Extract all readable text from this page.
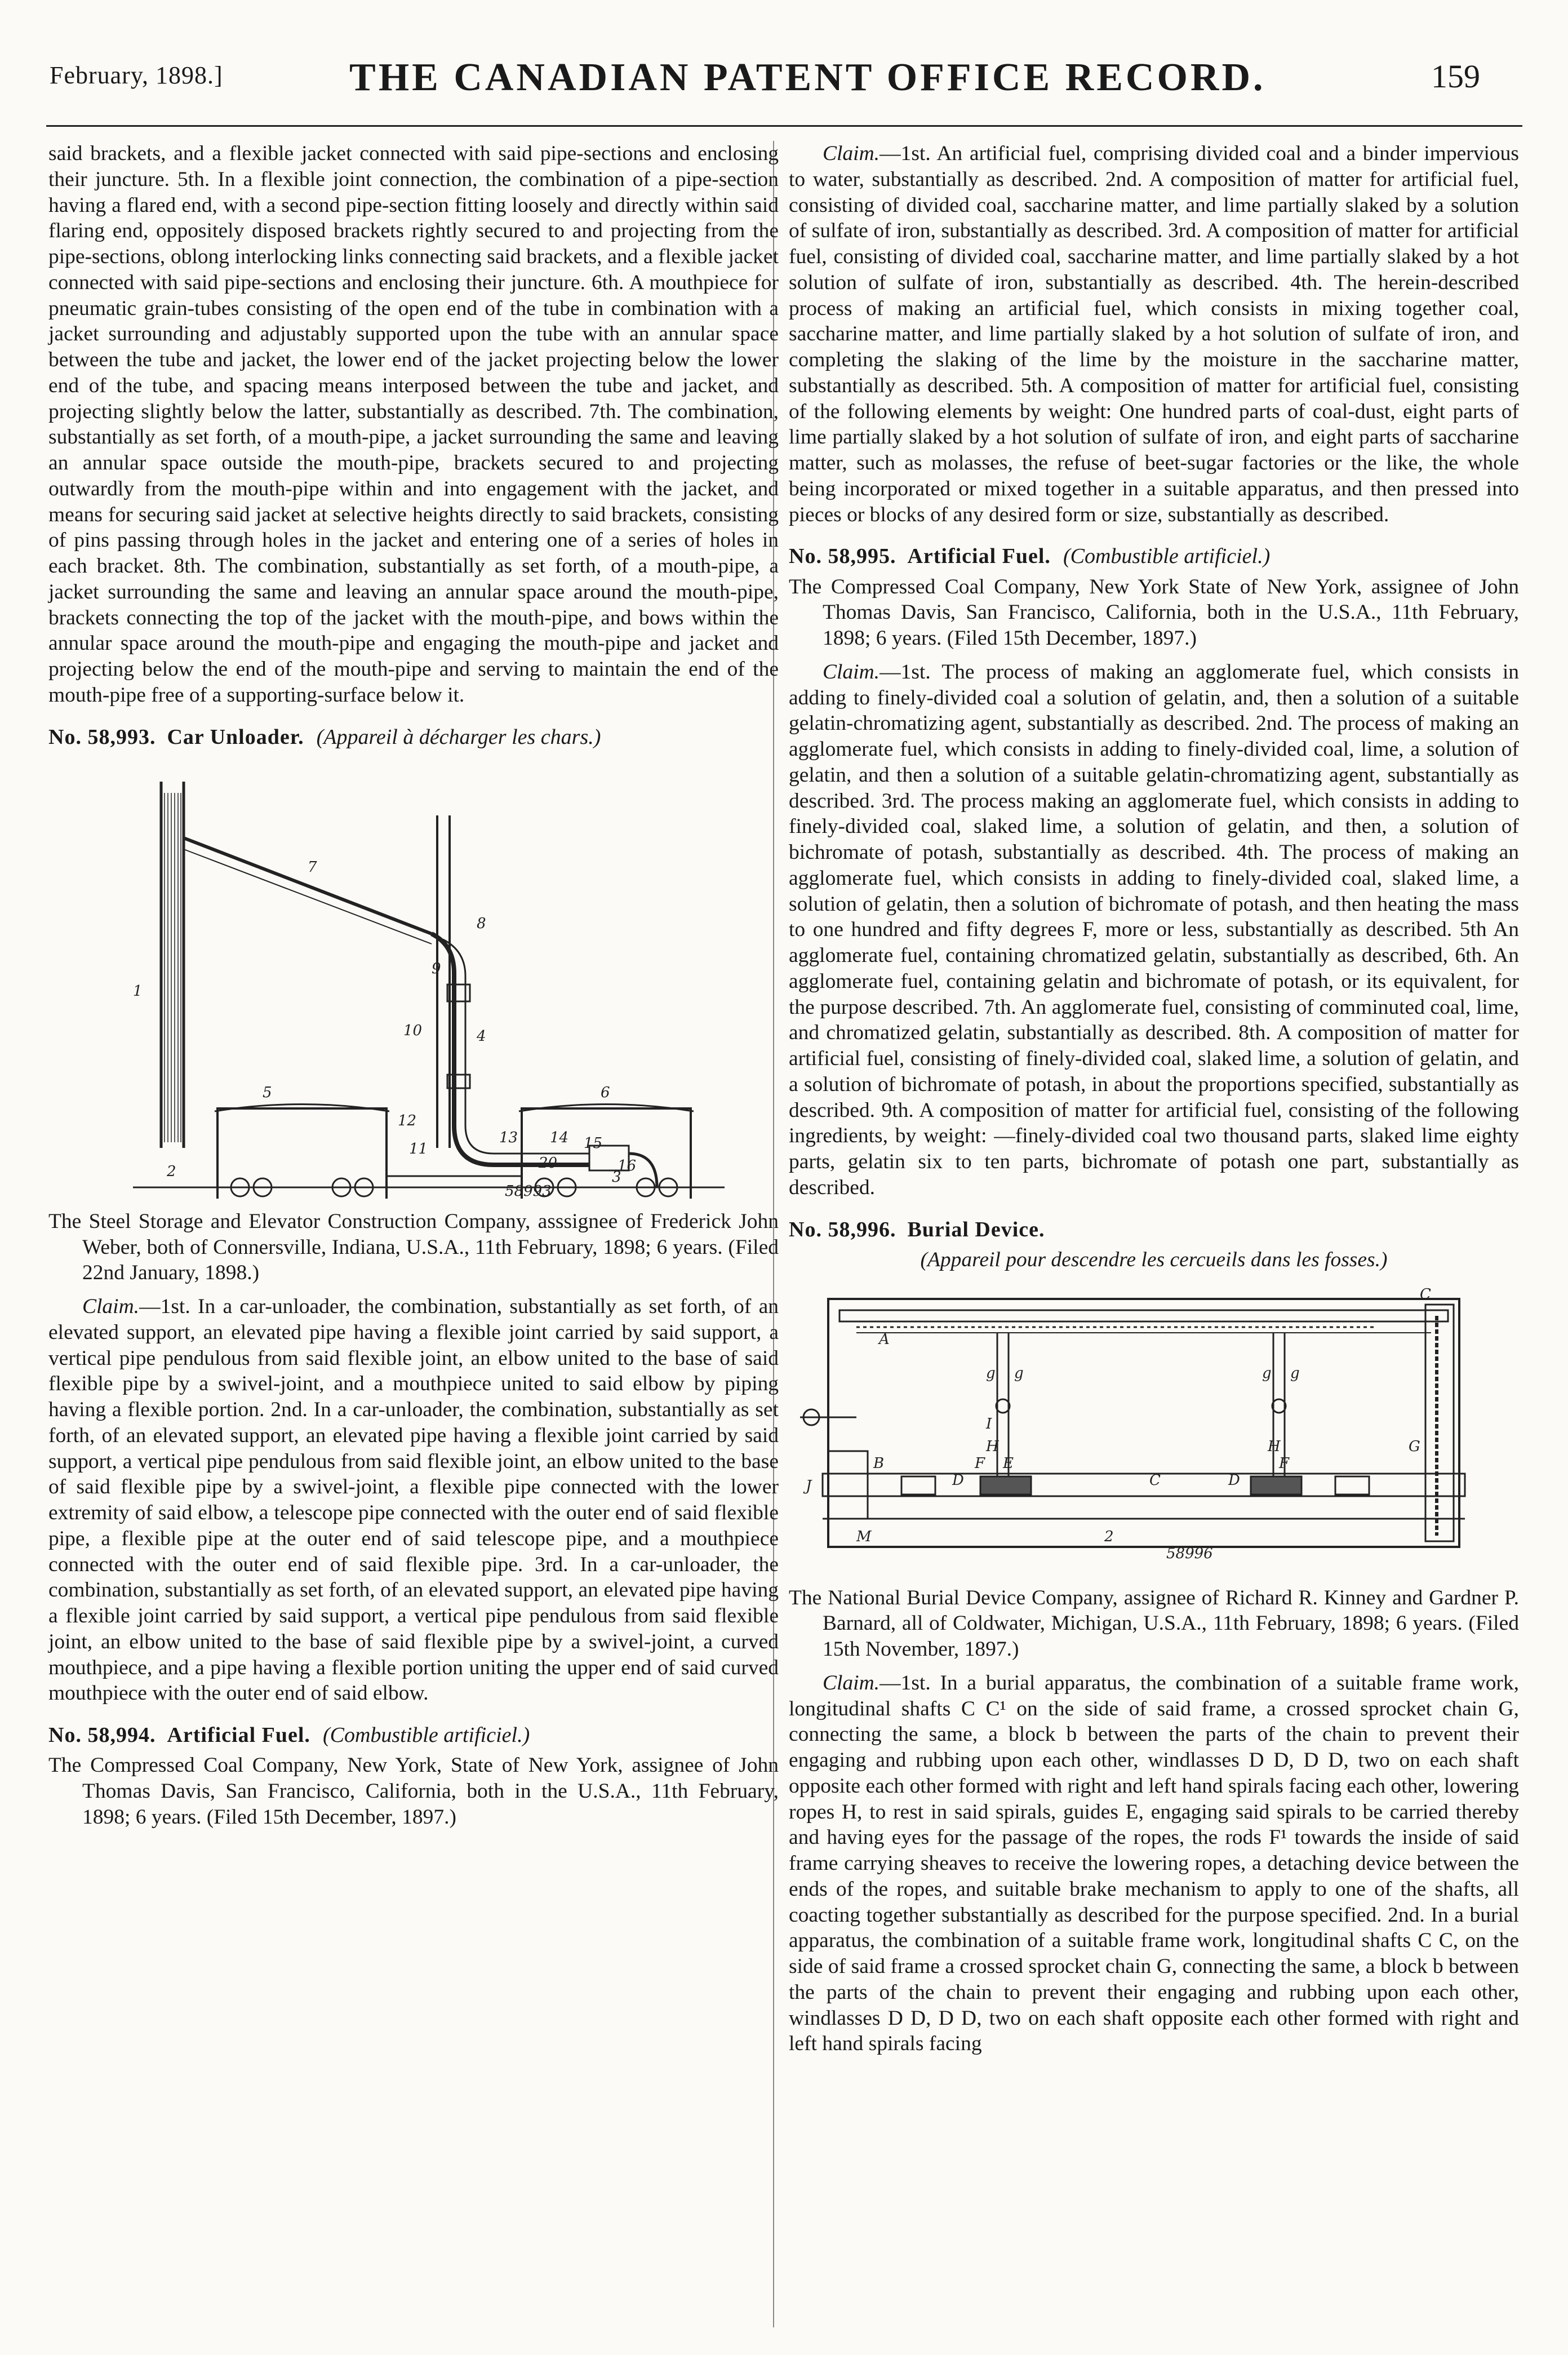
February, 1898.]	THE CANADIAN PATENT OFFICE RECORD.	159

said brackets, and a flexible jacket connected with said pipe-sections and enclosing their juncture. 5th. In a flexible joint connection, the combination of a pipe-section having a flared end, with a second pipe-section fitting loosely and directly within said flaring end, oppositely disposed brackets rightly secured to and projecting from the pipe-sections, oblong interlocking links connecting said brackets, and a flexible jacket connected with said pipe-sections and enclosing their juncture. 6th. A mouthpiece for pneumatic grain-tubes consisting of the open end of the tube in combination with a jacket surrounding and adjustably supported upon the tube with an annular space between the tube and jacket, the lower end of the jacket projecting below the lower end of the tube, and spacing means interposed between the tube and jacket, and projecting slightly below the latter, substantially as described. 7th. The combination, substantially as set forth, of a mouth-pipe, a jacket surrounding the same and leaving an annular space outside the mouth-pipe, brackets secured to and projecting outwardly from the mouth-pipe within and into engagement with the jacket, and means for securing said jacket at selective heights directly to said brackets, consisting of pins passing through holes in the jacket and entering one of a series of holes in each bracket. 8th. The combination, substantially as set forth, of a mouth-pipe, a jacket surrounding the same and leaving an annular space around the mouth-pipe, brackets connecting the top of the jacket with the mouth-pipe, and bows within the annular space around the mouth-pipe and engaging the mouth-pipe and jacket and projecting below the end of the mouth-pipe and serving to maintain the end of the mouth-pipe free of a supporting-surface below it.

No. 58,993. Car Unloader. (Appareil à décharger les chars.)
1
2	3
4
5	6
7
8
9
10
11
12
13 14 15
16
20
58993

The Steel Storage and Elevator Construction Company, asssignee of Frederick John Weber, both of Connersville, Indiana, U.S.A., 11th February, 1898; 6 years. (Filed 22nd January, 1898.)

Claim.—1st. In a car-unloader, the combination, substantially as set forth, of an elevated support, an elevated pipe having a flexible joint carried by said support, a vertical pipe pendulous from said flexible joint, an elbow united to the base of said flexible pipe by a swivel-joint, and a mouthpiece united to said elbow by piping having a flexible portion. 2nd. In a car-unloader, the combination, substantially as set forth, of an elevated support, an elevated pipe having a flexible joint carried by said support, a vertical pipe pendulous from said flexible joint, an elbow united to the base of said flexible pipe by a swivel-joint, a flexible pipe connected with the lower extremity of said elbow, a telescope pipe connected with the outer end of said flexible pipe, a flexible pipe at the outer end of said telescope pipe, and a mouthpiece connected with the outer end of said flexible pipe. 3rd. In a car-unloader, the combination, substantially as set forth, of an elevated support, an elevated pipe having a flexible joint carried by said support, a vertical pipe pendulous from said flexible joint, an elbow united to the base of said flexible pipe by a swivel-joint, a curved mouthpiece, and a pipe having a flexible portion uniting the upper end of said curved mouthpiece with the outer end of said elbow.

No. 58,994. Artificial Fuel. (Combustible artificiel.)

The Compressed Coal Company, New York, State of New York, assignee of John Thomas Davis, San Francisco, California, both in the U.S.A., 11th February, 1898; 6 years. (Filed 15th December, 1897.)

Claim.—1st. An artificial fuel, comprising divided coal and a binder impervious to water, substantially as described. 2nd. A composition of matter for artificial fuel, consisting of divided coal, saccharine matter, and lime partially slaked by a solution of sulfate of iron, substantially as described. 3rd. A composition of matter for artificial fuel, consisting of divided coal, saccharine matter, and lime partially slaked by a hot solution of sulfate of iron, substantially as described. 4th. The herein-described process of making an artificial fuel, which consists in mixing together coal, saccharine matter, and lime partially slaked by a hot solution of sulfate of iron, and completing the slaking of the lime by the moisture in the saccharine matter, substantially as described. 5th. A composition of matter for artificial fuel, consisting of the following elements by weight: One hundred parts of coal-dust, eight parts of lime partially slaked by a hot solution of sulfate of iron, and eight parts of saccharine matter, such as molasses, the refuse of beet-sugar factories or the like, the whole being incorporated or mixed together in a suitable apparatus, and then pressed into pieces or blocks of any desired form or size, substantially as described.

No. 58,995. Artificial Fuel. (Combustible artificiel.)

The Compressed Coal Company, New York State of New York, assignee of John Thomas Davis, San Francisco, California, both in the U.S.A., 11th February, 1898; 6 years. (Filed 15th December, 1897.)

Claim.—1st. The process of making an agglomerate fuel, which consists in adding to finely-divided coal a solution of gelatin, and, then a solution of a suitable gelatin-chromatizing agent, substantially as described. 2nd. The process of making an agglomerate fuel, which consists in adding to finely-divided coal, lime, a solution of gelatin, and then a solution of a suitable gelatin-chromatizing agent, substantially as described. 3rd. The process making an agglomerate fuel, which consists in adding to finely-divided coal, slaked lime, a solution of gelatin, and then, a solution of bichromate of potash, substantially as described. 4th. The process of making an agglomerate fuel, which consists in adding to finely-divided coal, slaked lime, a solution of gelatin, then a solution of bichromate of potash, and then heating the mass to one hundred and fifty degrees F, more or less, substantially as described. 5th An agglomerate fuel, containing chromatized gelatin, substantially as described, 6th. An agglomerate fuel, containing gelatin and bichromate of potash, or its equivalent, for the purpose described. 7th. An agglomerate fuel, consisting of comminuted coal, lime, and chromatized gelatin, substantially as described. 8th. A composition of matter for artificial fuel, consisting of finely-divided coal, slaked lime, a solution of gelatin, and a solution of bichromate of potash, in about the proportions specified, substantially as described. 9th. A composition of matter for artificial fuel, consisting of the following ingredients, by weight: —finely-divided coal two thousand parts, slaked lime eighty parts, gelatin six to ten parts, bichromate of potash one part, substantially as described.

No. 58,996. Burial Device.

(Appareil pour descendre les cercueils dans les fosses.)

C
A
g g	g g
I
H	H
E	F
F
C
B
J
M	2
G
D	D
58996

The National Burial Device Company, assignee of Richard R. Kinney and Gardner P. Barnard, all of Coldwater, Michigan, U.S.A., 11th February, 1898; 6 years. (Filed 15th November, 1897.)

Claim.—1st. In a burial apparatus, the combination of a suitable frame work, longitudinal shafts C C¹ on the side of said frame, a crossed sprocket chain G, connecting the same, a block b between the parts of the chain to prevent their engaging and rubbing upon each other, windlasses D D, D D, two on each shaft opposite each other formed with right and left hand spirals facing each other, lowering ropes H, to rest in said spirals, guides E, engaging said spirals to be carried thereby and having eyes for the passage of the ropes, the rods F¹ towards the inside of said frame carrying sheaves to receive the lowering ropes, a detaching device between the ends of the ropes, and suitable brake mechanism to apply to one of the shafts, all coacting together substantially as described for the purpose specified. 2nd. In a burial apparatus, the combination of a suitable frame work, longitudinal shafts C C, on the side of said frame a crossed sprocket chain G, connecting the same, a block b between the parts of the chain to prevent their engaging and rubbing upon each other, windlasses D D, D D, two on each shaft opposite each other formed with right and left hand spirals facing
